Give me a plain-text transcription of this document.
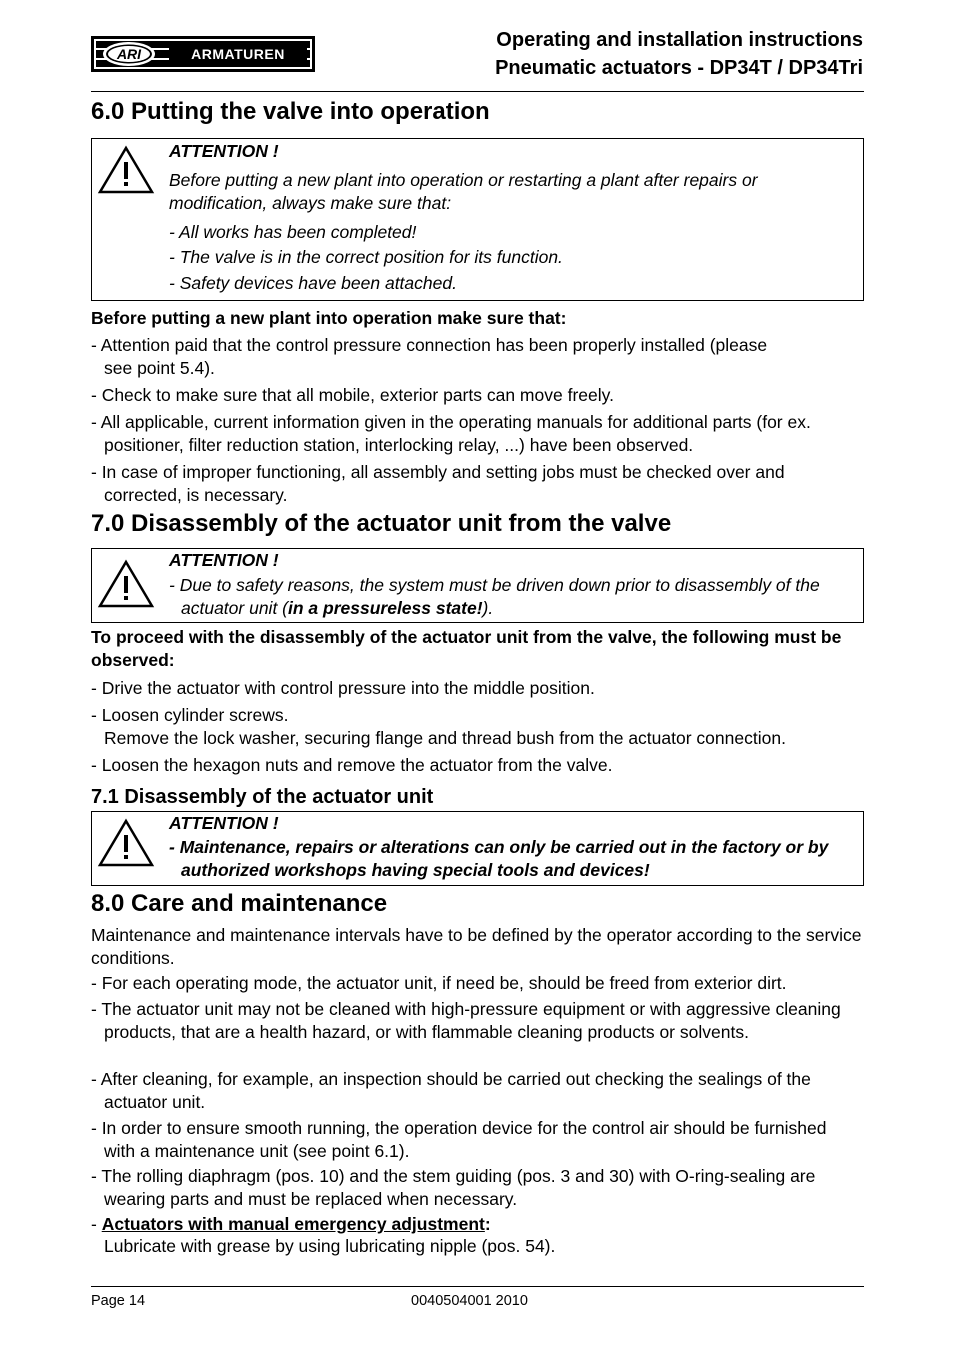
ARI	ARMATUREN
Operating and installation instructions
Pneumatic actuators - DP34T / DP34Tri
6.0 Putting the valve into operation
ATTENTION !
Before putting a new plant into operation or restarting a plant after repairs or modification, always make sure that:
- All works has been completed!
- The valve is in the correct position for its function.
- Safety devices have been attached.
Before putting a new plant into operation make sure that:
- Attention paid that the control pressure connection has been properly installed (please see point 5.4).
- Check to make sure that all mobile, exterior parts can move freely.
- All applicable, current information given in the operating manuals for additional parts (for ex. positioner, filter reduction station, interlocking relay, ...) have been observed.
- In case of improper functioning, all assembly and setting jobs must be checked over and corrected, is necessary.
7.0 Disassembly of the actuator unit from the valve
ATTENTION !
- Due to safety reasons, the system must be driven down prior to disassembly of the actuator unit (in a pressureless state!).
To proceed with the disassembly of the actuator unit from the valve, the following must be observed:
- Drive the actuator with control pressure into the middle position.
- Loosen cylinder screws.
Remove the lock washer, securing flange and thread bush from the actuator connection.
- Loosen the hexagon nuts and remove the actuator from the valve.
7.1 Disassembly of the actuator unit
ATTENTION !
- Maintenance, repairs or alterations can only be carried out in the factory or by authorized workshops having special tools and devices!
8.0 Care and maintenance
Maintenance and maintenance intervals have to be defined by the operator according to the service conditions.
- For each operating mode, the actuator unit, if need be, should be freed from exterior dirt.
- The actuator unit may not be cleaned with high-pressure equipment or with aggressive cleaning products, that are a health hazard, or with flammable cleaning products or solvents.
- After cleaning, for example, an inspection should be carried out checking the sealings of the actuator unit.
- In order to ensure smooth running, the operation device for the control air should be furnished with a maintenance unit (see point 6.1).
- The rolling diaphragm (pos. 10) and the stem guiding (pos. 3 and 30) with O-ring-sealing are wearing parts and must be replaced when necessary.
- Actuators with manual emergency adjustment:
Lubricate with grease by using lubricating nipple (pos. 54).
Page 14	0040504001 2010
